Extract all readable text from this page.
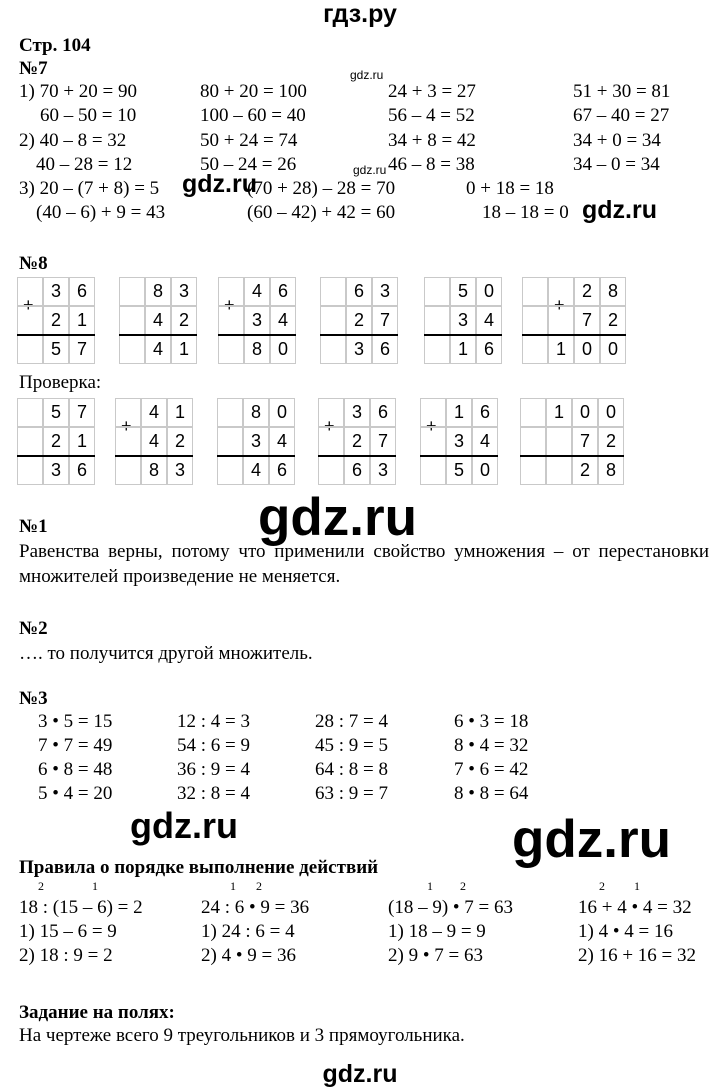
гдз.ру
Стр. 104
№7	gdz.ru
1) 70 + 20 = 90	80 + 20 = 100	24 + 3 = 27	51 + 30 = 81
60 – 50 = 10	100 – 60 = 40	56 – 4 = 52	67 – 40 = 27
2) 40 – 8 = 32	50 + 24 = 74	34 + 8 = 42	34 + 0 = 34
40 – 28 = 12	50 – 24 = 26	46 – 8 = 38	34 – 0 = 34
3) 20 – (7 + 8) = 5	(70 + 28) – 28 = 70	0 + 18 = 18
(40 – 6) + 9 = 43	(60 – 42) + 42 = 60	18 – 18 = 0
gdz.ru
gdz.ru
gdz.ru
№8
+
3 6
2 1
5 7
-
8 3
4 2
4 1
+
4 6
3 4
8 0
-
6 3
2 7
3 6
-
5 0
3 4
1 6
+
2 8
7 2
1 0 0
Проверка:
-
5 7
2 1
3 6
+
4 1
4 2
8 3
-
8 0
3 4
4 6
+
3 6
2 7
6 3
+
1 6
3 4
5 0
-
1 0 0
7 2
2 8
gdz.ru
№1
Равенства верны, потому что применили свойство умножения – от перестановки множителей произведение не меняется.
№2
…. то получится другой множитель.
№3
3 • 5 = 15	12 : 4 = 3	28 : 7 = 4	6 • 3 = 18
7 • 7 = 49	54 : 6 = 9	45 : 9 = 5	8 • 4 = 32
6 • 8 = 48	36 : 9 = 4	64 : 8 = 8	7 • 6 = 42
5 • 4 = 20	32 : 8 = 4	63 : 9 = 7	8 • 8 = 64
gdz.ru	gdz.ru
Правила о порядке выполнение действий
2	1
18 : (15 – 6) = 2
1) 15 – 6 = 9
2) 18 : 9 = 2
1 2
24 : 6 • 9 = 36
1) 24 : 6 = 4
2) 4 • 9 = 36
1 2
(18 – 9) • 7 = 63
1) 18 – 9 = 9
2) 9 • 7 = 63
2 1
16 + 4 • 4 = 32
1) 4 • 4 = 16
2) 16 + 16 = 32
Задание на полях:
На чертеже всего 9 треугольников и 3 прямоугольника.
gdz.ru
